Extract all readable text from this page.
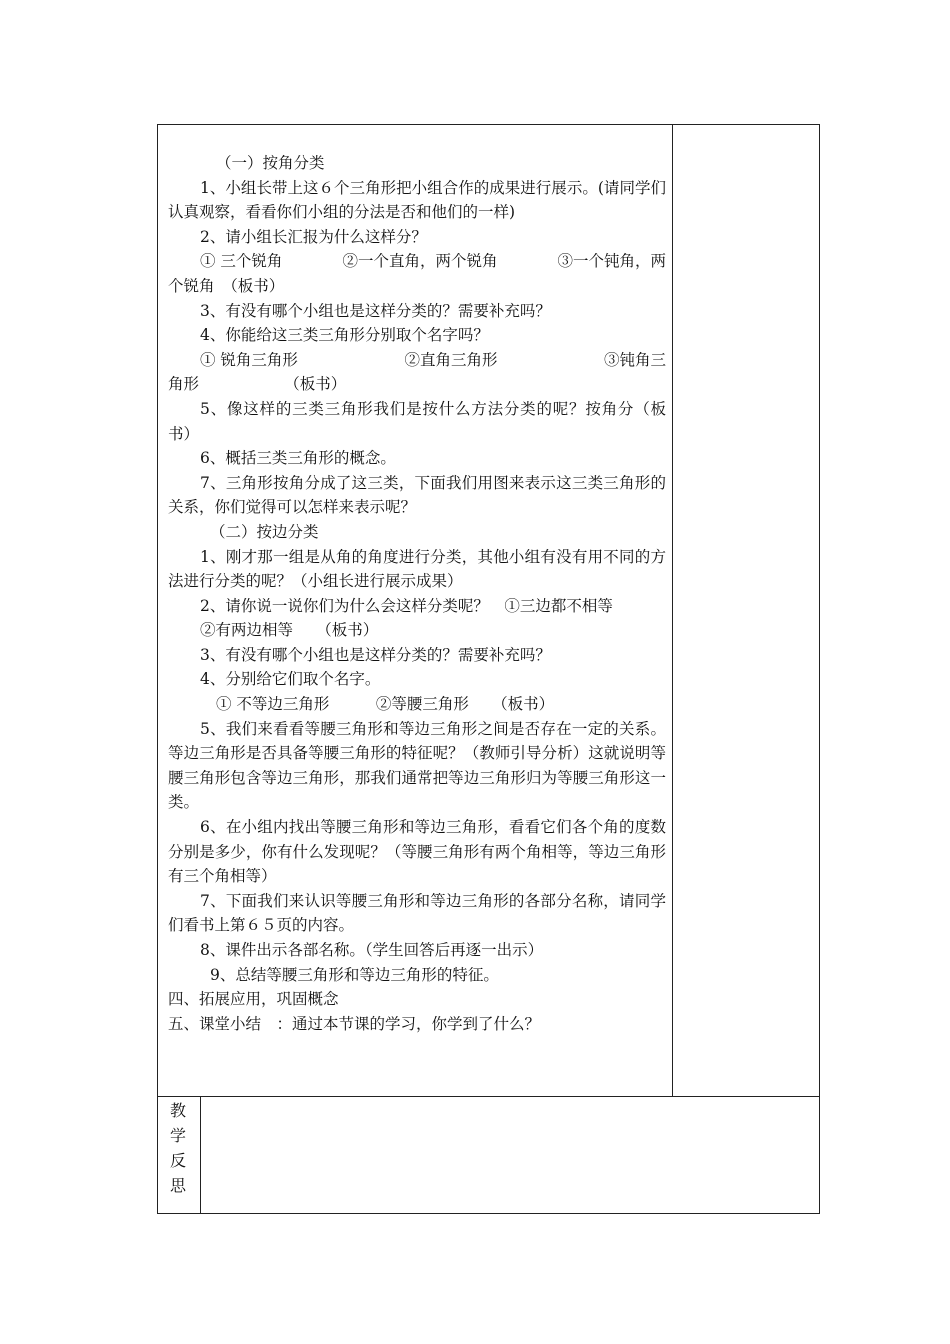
（一）按角分类

1、小组长带上这６个三角形把小组合作的成果进行展示。(请同学们认真观察，看看你们小组的分法是否和他们的一样)

2、请小组长汇报为什么这样分？

① 三个锐角	②一个直角，两个锐角	③一个钝角，两

个锐角　（板书）

3、有没有哪个小组也是这样分类的？需要补充吗？

4、你能给这三类三角形分别取个名字吗？

① 锐角三角形	②直角三角形	③钝角三

角形　　　　　　（板书）

5、像这样的三类三角形我们是按什么方法分类的呢？按角分（板书）

6、概括三类三角形的概念。

7、三角形按角分成了这三类，下面我们用图来表示这三类三角形的关系，你们觉得可以怎样来表示呢？

（二）按边分类

1、刚才那一组是从角的角度进行分类，其他小组有没有用不同的方法进行分类的呢？（小组长进行展示成果）

2、请你说一说你们为什么会这样分类呢？　①三边都不相等

②有两边相等　　（板书）

3、有没有哪个小组也是这样分类的？需要补充吗？

4、分别给它们取个名字。

① 不等边三角形　　　②等腰三角形　　（板书）

5、我们来看看等腰三角形和等边三角形之间是否存在一定的关系。等边三角形是否具备等腰三角形的特征呢？（教师引导分析）这就说明等腰三角形包含等边三角形，那我们通常把等边三角形归为等腰三角形这一类。

6、在小组内找出等腰三角形和等边三角形，看看它们各个角的度数分别是多少，你有什么发现呢？（等腰三角形有两个角相等，等边三角形有三个角相等）

7、下面我们来认识等腰三角形和等边三角形的各部分名称，请同学们看书上第６５页的内容。

8、课件出示各部名称。（学生回答后再逐一出示）

9、总结等腰三角形和等边三角形的特征。

四、拓展应用，巩固概念

五、课堂小结　：通过本节课的学习，你学到了什么？

教
学
反
思
